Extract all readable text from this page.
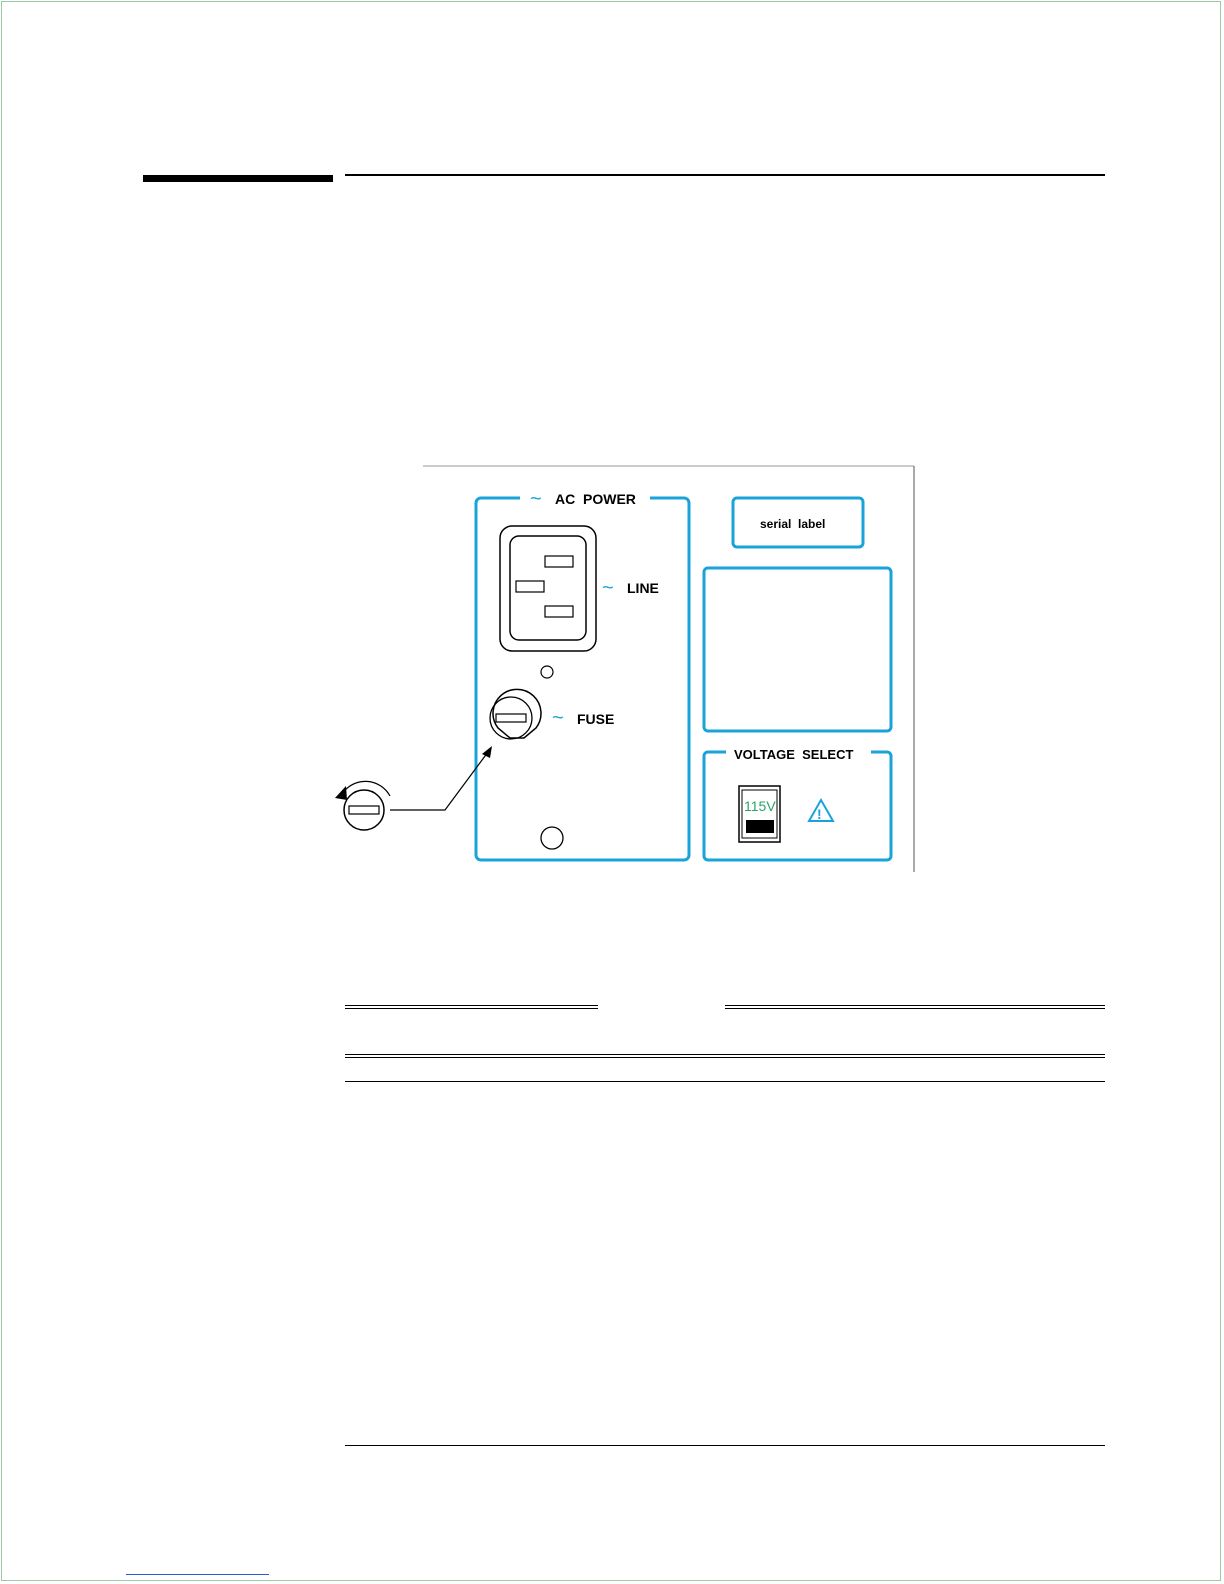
~ AC  POWER
~ LINE
~ FUSE
serial  label
VOLTAGE  SELECT
115V	!
